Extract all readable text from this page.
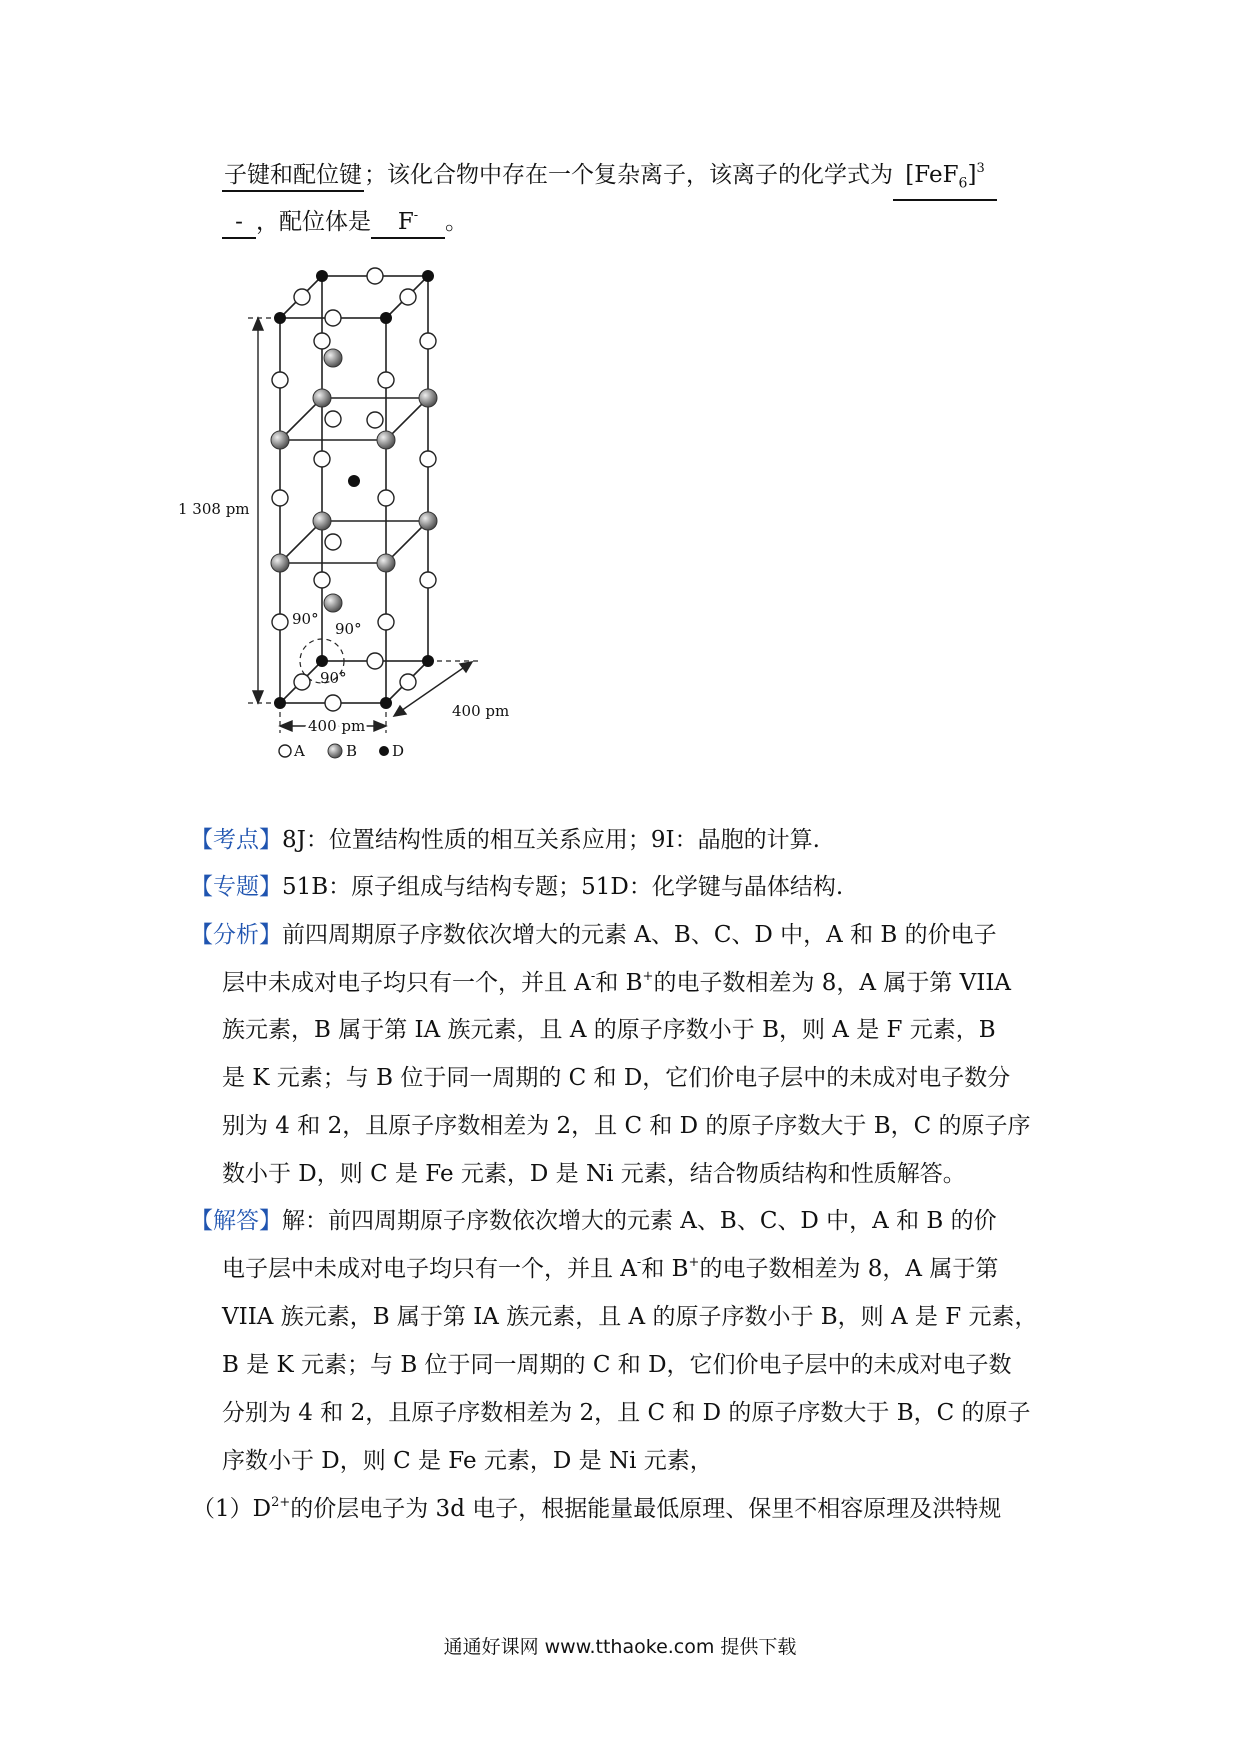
子键和配位键；该化合物中存在一个复杂离子，该离子的化学式为 $[FeF_6]^3$
- ，配位体是 F- 。
1 308 pm
400 pm
400 pm
90°
90°
90°
A	B D
【考点】8J：位置结构性质的相互关系应用；9I：晶胞的计算.
【专题】51B：原子组成与结构专题；51D：化学键与晶体结构.
【分析】前四周期原子序数依次增大的元素 A、B、C、D 中，A 和 B 的价电子
层中未成对电子均只有一个，并且 A-和 B+的电子数相差为 8，A 属于第 VIIA
族元素，B 属于第 IA 族元素，且 A 的原子序数小于 B，则 A 是 F 元素，B
是 K 元素；与 B 位于同一周期的 C 和 D，它们价电子层中的未成对电子数分
别为 4 和 2，且原子序数相差为 2，且 C 和 D 的原子序数大于 B，C 的原子序
数小于 D，则 C 是 Fe 元素，D 是 Ni 元素，结合物质结构和性质解答。
【解答】解：前四周期原子序数依次增大的元素 A、B、C、D 中，A 和 B 的价
电子层中未成对电子均只有一个，并且 A-和 B+的电子数相差为 8，A 属于第
VIIA 族元素，B 属于第 IA 族元素，且 A 的原子序数小于 B，则 A 是 F 元素，
B 是 K 元素；与 B 位于同一周期的 C 和 D，它们价电子层中的未成对电子数
分别为 4 和 2，且原子序数相差为 2，且 C 和 D 的原子序数大于 B，C 的原子
序数小于 D，则 C 是 Fe 元素，D 是 Ni 元素，
$(1)D^{2+}$的价层电子为 3d 电子，根据能量最低原理、保里不相容原理及洪特规
通通好课网 www.tthaoke.com 提供下载
